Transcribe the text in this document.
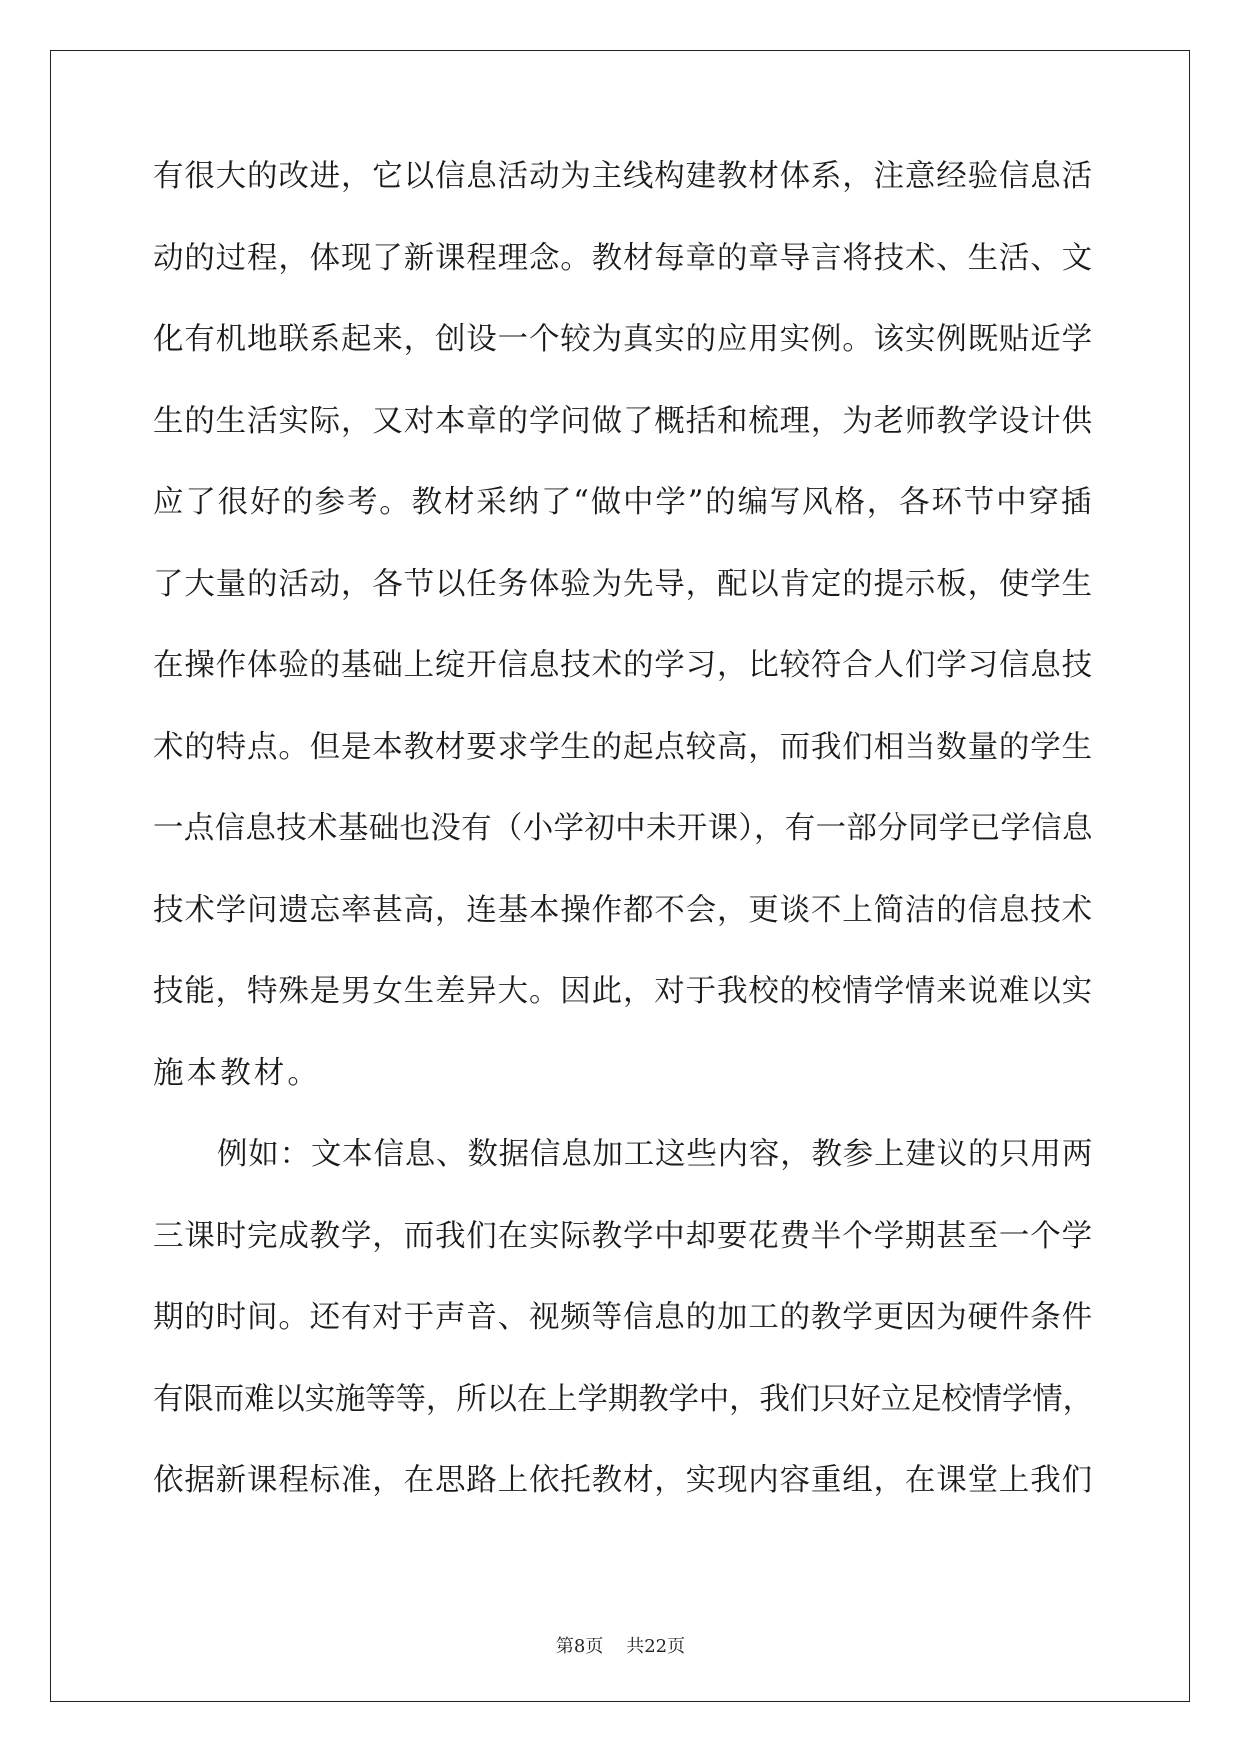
有很大的改进，它以信息活动为主线构建教材体系，注意经验信息活
动的过程，体现了新课程理念。教材每章的章导言将技术、生活、文
化有机地联系起来，创设一个较为真实的应用实例。该实例既贴近学
生的生活实际，又对本章的学问做了概括和梳理，为老师教学设计供
应了很好的参考。教材采纳了“做中学”的编写风格，各环节中穿插
了大量的活动，各节以任务体验为先导，配以肯定的提示板，使学生
在操作体验的基础上绽开信息技术的学习，比较符合人们学习信息技
术的特点。但是本教材要求学生的起点较高，而我们相当数量的学生
一点信息技术基础也没有（小学初中未开课），有一部分同学已学信息
技术学问遗忘率甚高，连基本操作都不会，更谈不上简洁的信息技术
技能，特殊是男女生差异大。因此，对于我校的校情学情来说难以实
施本教材。
例如：文本信息、数据信息加工这些内容，教参上建议的只用两
三课时完成教学，而我们在实际教学中却要花费半个学期甚至一个学
期的时间。还有对于声音、视频等信息的加工的教学更因为硬件条件
有限而难以实施等等，所以在上学期教学中，我们只好立足校情学情，
依据新课程标准，在思路上依托教材，实现内容重组，在课堂上我们
第8页 共22页
